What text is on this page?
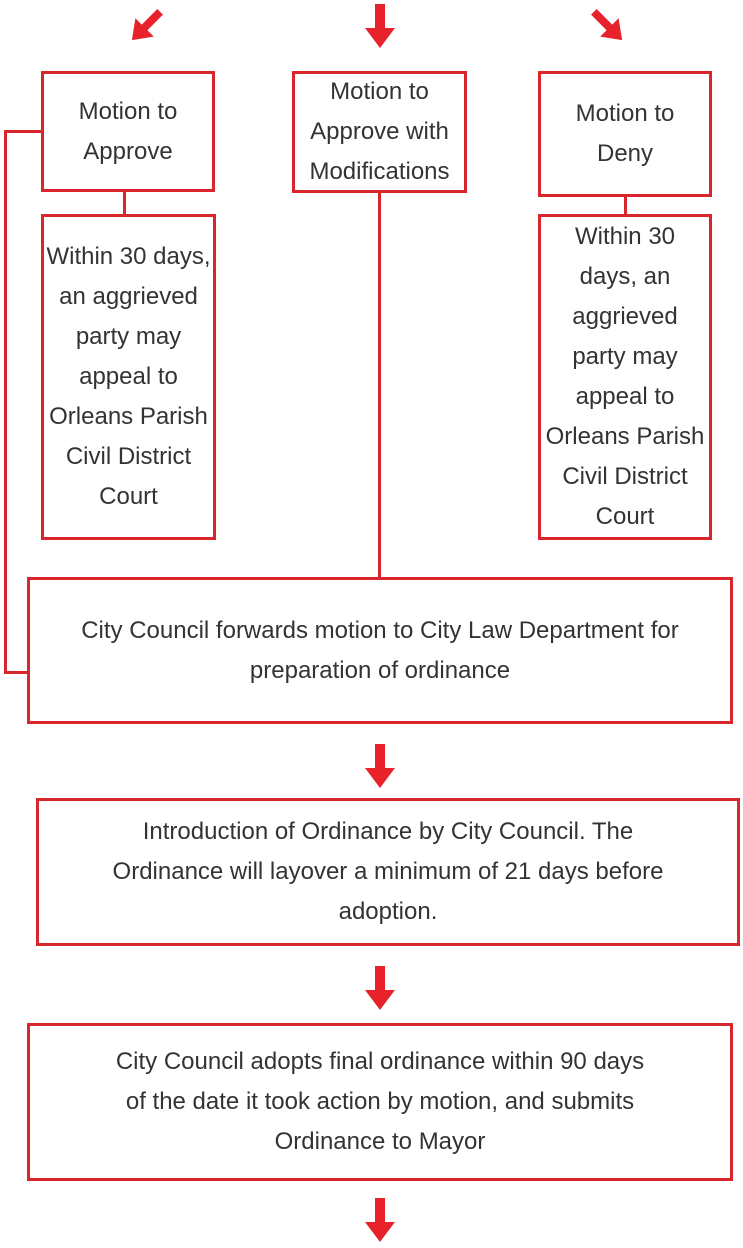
Motion to Approve
Motion to Approve with Modifications
Motion to Deny
Within 30 days, an aggrieved party may appeal to Orleans Parish Civil District Court
Within 30 days, an aggrieved party may appeal to Orleans Parish Civil District Court
City Council forwards motion to City Law Department for preparation of ordinance
Introduction of Ordinance by City Council. The Ordinance will layover a minimum of 21 days before adoption.
City Council adopts final ordinance within 90 days of the date it took action by motion, and submits Ordinance to Mayor
